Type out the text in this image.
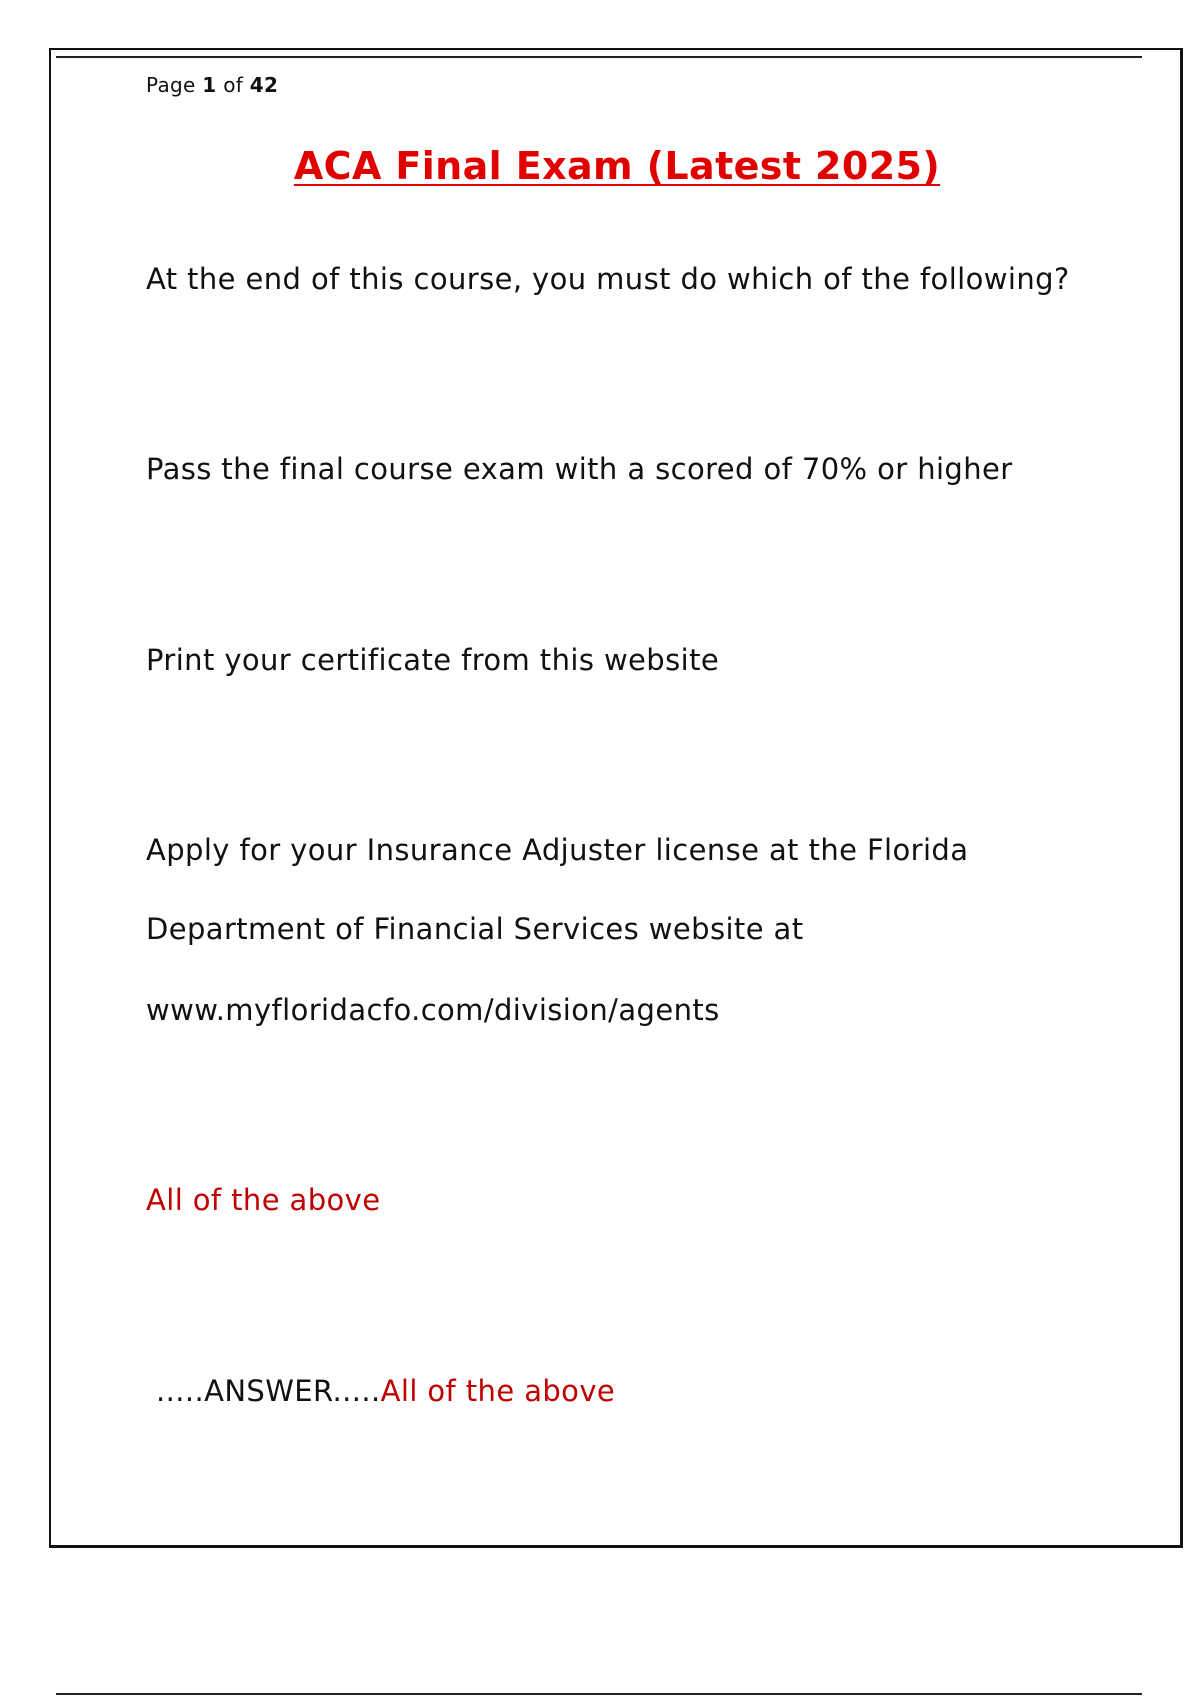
Page 1 of 42
ACA Final Exam (Latest 2025)
At the end of this course, you must do which of the following?
Pass the final course exam with a scored of 70% or higher
Print your certificate from this website
Apply for your Insurance Adjuster license at the Florida
Department of Financial Services website at
www.myfloridacfo.com/division/agents
All of the above
.....ANSWER.....All of the above
